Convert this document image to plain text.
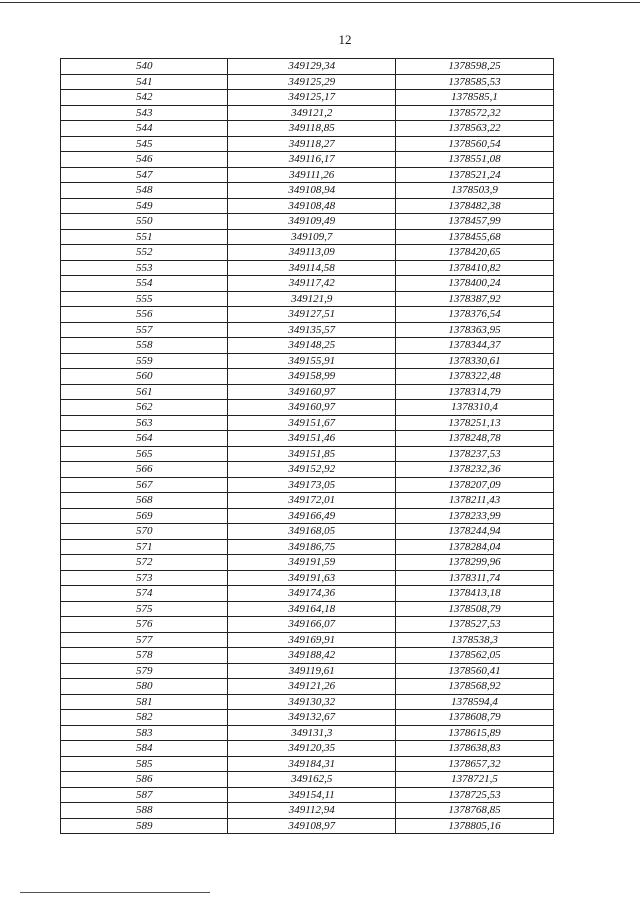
12
540	349129,34	1378598,25
541	349125,29	1378585,53
542	349125,17	1378585,1
543	349121,2	1378572,32
544	349118,85	1378563,22
545	349118,27	1378560,54
546	349116,17	1378551,08
547	349111,26	1378521,24
548	349108,94	1378503,9
549	349108,48	1378482,38
550	349109,49	1378457,99
551	349109,7	1378455,68
552	349113,09	1378420,65
553	349114,58	1378410,82
554	349117,42	1378400,24
555	349121,9	1378387,92
556	349127,51	1378376,54
557	349135,57	1378363,95
558	349148,25	1378344,37
559	349155,91	1378330,61
560	349158,99	1378322,48
561	349160,97	1378314,79
562	349160,97	1378310,4
563	349151,67	1378251,13
564	349151,46	1378248,78
565	349151,85	1378237,53
566	349152,92	1378232,36
567	349173,05	1378207,09
568	349172,01	1378211,43
569	349166,49	1378233,99
570	349168,05	1378244,94
571	349186,75	1378284,04
572	349191,59	1378299,96
573	349191,63	1378311,74
574	349174,36	1378413,18
575	349164,18	1378508,79
576	349166,07	1378527,53
577	349169,91	1378538,3
578	349188,42	1378562,05
579	349119,61	1378560,41
580	349121,26	1378568,92
581	349130,32	1378594,4
582	349132,67	1378608,79
583	349131,3	1378615,89
584	349120,35	1378638,83
585	349184,31	1378657,32
586	349162,5	1378721,5
587	349154,11	1378725,53
588	349112,94	1378768,85
589	349108,97	1378805,16
